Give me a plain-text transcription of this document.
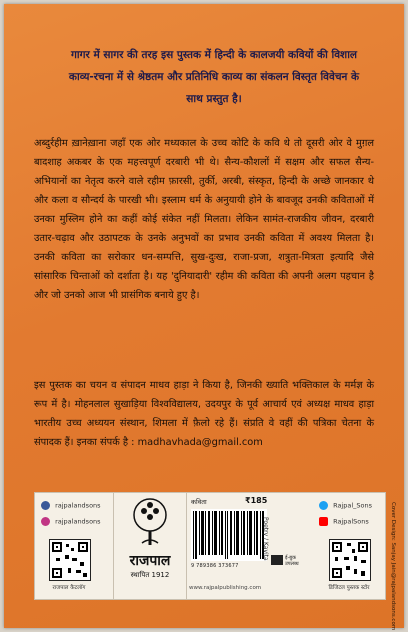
गागर में सागर की तरह इस पुस्तक में हिन्दी के कालजयी कवियों की विशाल काव्य-रचना में से श्रेष्ठतम और प्रतिनिधि काव्य का संकलन विस्तृत विवेचन के साथ प्रस्तुत है।
अब्दुर्रहीम ख़ानेख़ाना जहाँ एक ओर मध्यकाल के उच्च कोटि के कवि थे तो दूसरी ओर वे मुग़ल बादशाह अकबर के एक महत्त्वपूर्ण दरबारी भी थे। सैन्य-कौशलों में सक्षम और सफल सैन्य-अभियानों का नेतृत्व करने वाले रहीम फ़ारसी, तुर्की, अरबी, संस्कृत, हिन्दी के अच्छे जानकार थे और कला व सौन्दर्य के पारखी भी। इस्लाम धर्म के अनुयायी होने के बावजूद उनकी कविताओं में उनका मुस्लिम होने का कहीं कोई संकेत नहीं मिलता। लेकिन सामंत-राजकीय जीवन, दरबारी उतार-चढ़ाव और उठापटक के उनके अनुभवों का प्रभाव उनकी कविता में अवश्य मिलता है। उनकी कविता का सरोकार धन-सम्पत्ति, सुख-दुःख, राजा-प्रजा, शत्रुता-मित्रता इत्यादि जैसे सांसारिक चिन्ताओं को दर्शाता है। यह 'दुनियादारी' रहीम की कविता की अपनी अलग पहचान है और जो उनको आज भी प्रासंगिक बनाये हुए है।
इस पुस्तक का चयन व संपादन माधव हाड़ा ने किया है, जिनकी ख्याति भक्तिकाल के मर्मज्ञ के रूप में है। मोहनलाल सुखाड़िया विश्वविद्यालय, उदयपुर के पूर्व आचार्य एवं अध्यक्ष माधव हाड़ा भारतीय उच्च अध्ययन संस्थान, शिमला में फ़ैलो रहे हैं। संप्रति वे वहीं की पत्रिका चेतना के संपादक हैं। इनका संपर्क है : madhavhada@gmail.com
rajpalandsons
rajpalandsons
राजपाल कैटलॉग
राजपाल
स्थापित 1912
www.rajpalpublishing.com
कविता	₹185
9 789386 373677
Poetry / Kavita	ई-बुक उपलब्ध
Rajpal_Sons
RajpalSons
डिजिटल पुस्तक स्टोर	Cover Design: Sanjay Jain@rajpalandsons.com
